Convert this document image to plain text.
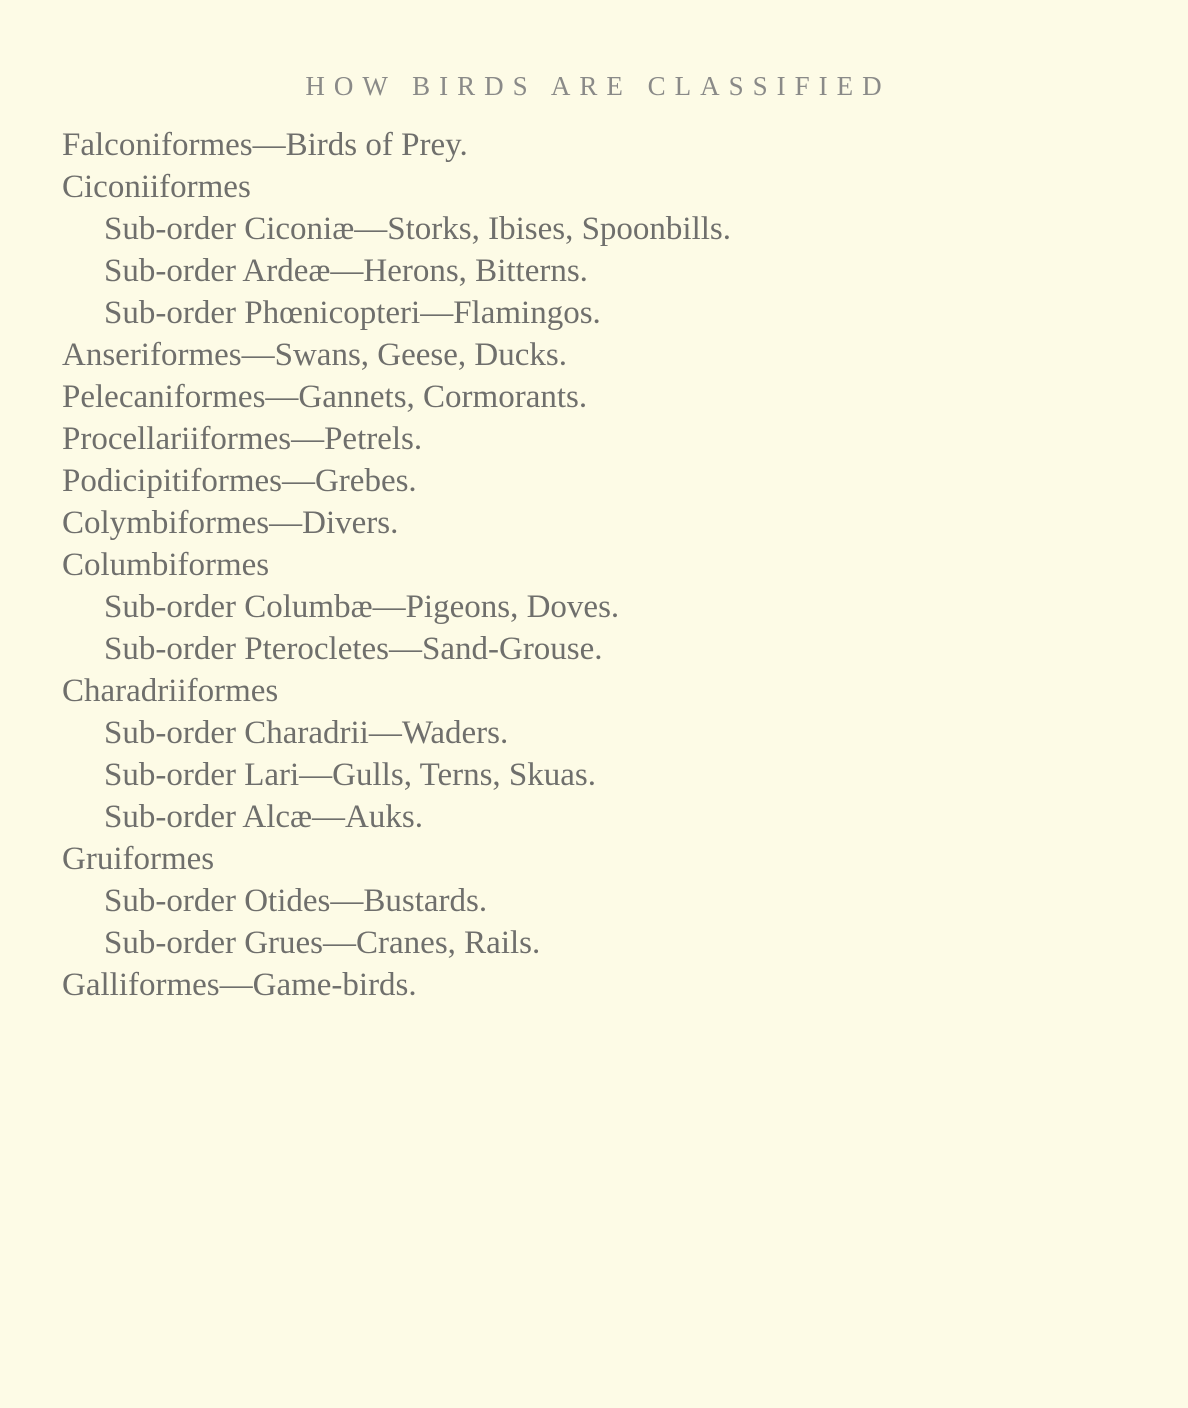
HOW BIRDS ARE CLASSIFIED
Falconiformes—Birds of Prey.
Ciconiiformes
Sub-order Ciconiæ—Storks, Ibises, Spoonbills.
Sub-order Ardeæ—Herons, Bitterns.
Sub-order Phœnicopteri—Flamingos.
Anseriformes—Swans, Geese, Ducks.
Pelecaniformes—Gannets, Cormorants.
Procellariiformes—Petrels.
Podicipitiformes—Grebes.
Colymbiformes—Divers.
Columbiformes
Sub-order Columbæ—Pigeons, Doves.
Sub-order Pterocletes—Sand-Grouse.
Charadriiformes
Sub-order Charadrii—Waders.
Sub-order Lari—Gulls, Terns, Skuas.
Sub-order Alcæ—Auks.
Gruiformes
Sub-order Otides—Bustards.
Sub-order Grues—Cranes, Rails.
Galliformes—Game-birds.
